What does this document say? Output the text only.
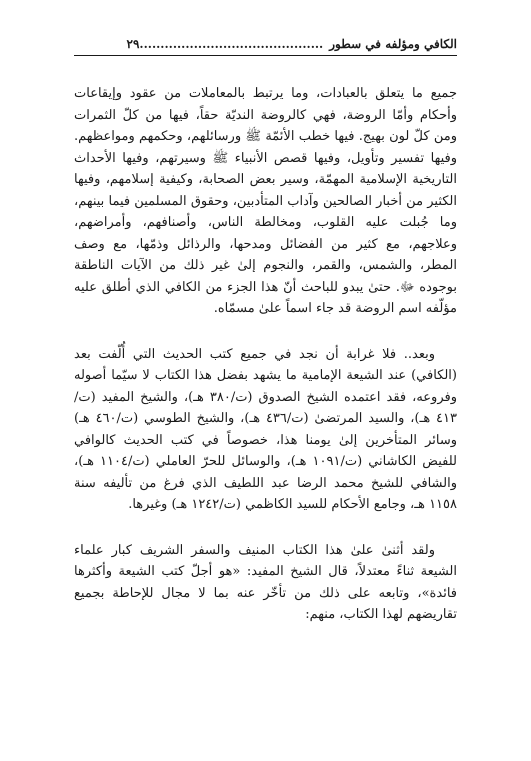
الكافي ومؤلفه في سطور
............................................
٢٩

جميع ما يتعلق بالعبادات، وما يرتبط بالمعاملات من عقود وإيقاعات وأحكام وأمّا الروضة، فهي كالروضة النديّة حقاً، فيها من كلّ الثمرات ومن كلّ لون بهيج. فيها خطب الأئمّة ﷺ ورسائلهم، وحكمهم ومواعظهم. وفيها تفسير وتأويل، وفيها قصص الأنبياء ﷺ وسيرتهم، وفيها الأحداث التاريخية الإسلامية المهمّة، وسير بعض الصحابة، وكيفية إسلامهم، وفيها الكثير من أخبار الصالحين وآداب المتأدبين، وحقوق المسلمين فيما بينهم، وما جُبلت عليه القلوب، ومخالطة الناس، وأصنافهم، وأمراضهم، وعلاجهم، مع كثير من الفضائل ومدحها، والرذائل وذمّها، مع وصف المطر، والشمس، والقمر، والنجوم إلىٰ غير ذلك من الآيات الناطقة بوجوده ﷻ. حتىٰ يبدو للباحث أنّ هذا الجزء من الكافي الذي أطلق عليه مؤلّفه اسم الروضة قد جاء اسماً علىٰ مسمّاه.

وبعد.. فلا غرابة أن نجد في جميع كتب الحديث التي أُلّفت بعد (الكافي) عند الشيعة الإمامية ما يشهد بفضل هذا الكتاب لا سيّما أصوله وفروعه، فقد اعتمده الشيخ الصدوق (ت/٣٨٠ هـ)، والشيخ المفيد (ت/٤١٣ هـ)، والسيد المرتضىٰ (ت/٤٣٦ هـ)، والشيخ الطوسي (ت/٤٦٠ هـ) وسائر المتأخرين إلىٰ يومنا هذا، خصوصاً في كتب الحديث كالوافي للفيض الكاشاني (ت/١٠٩١ هـ)، والوسائل للحرّ العاملي (ت/١١٠٤ هـ)، والشافي للشيخ محمد الرضا عبد اللطيف الذي فرغ من تأليفه سنة ١١٥٨ هـ، وجامع الأحكام للسيد الكاظمي (ت/١٢٤٢ هـ) وغيرها.

ولقد أثنىٰ علىٰ هذا الكتاب المنيف والسفر الشريف كبار علماء الشيعة ثناءً معتدلاً، قال الشيخ المفيد: «هو أجلّ كتب الشيعة وأكثرها فائدة»، وتابعه على ذلك من تأخّر عنه بما لا مجال للإحاطة بجميع تقاريضهم لهذا الكتاب، منهم:
